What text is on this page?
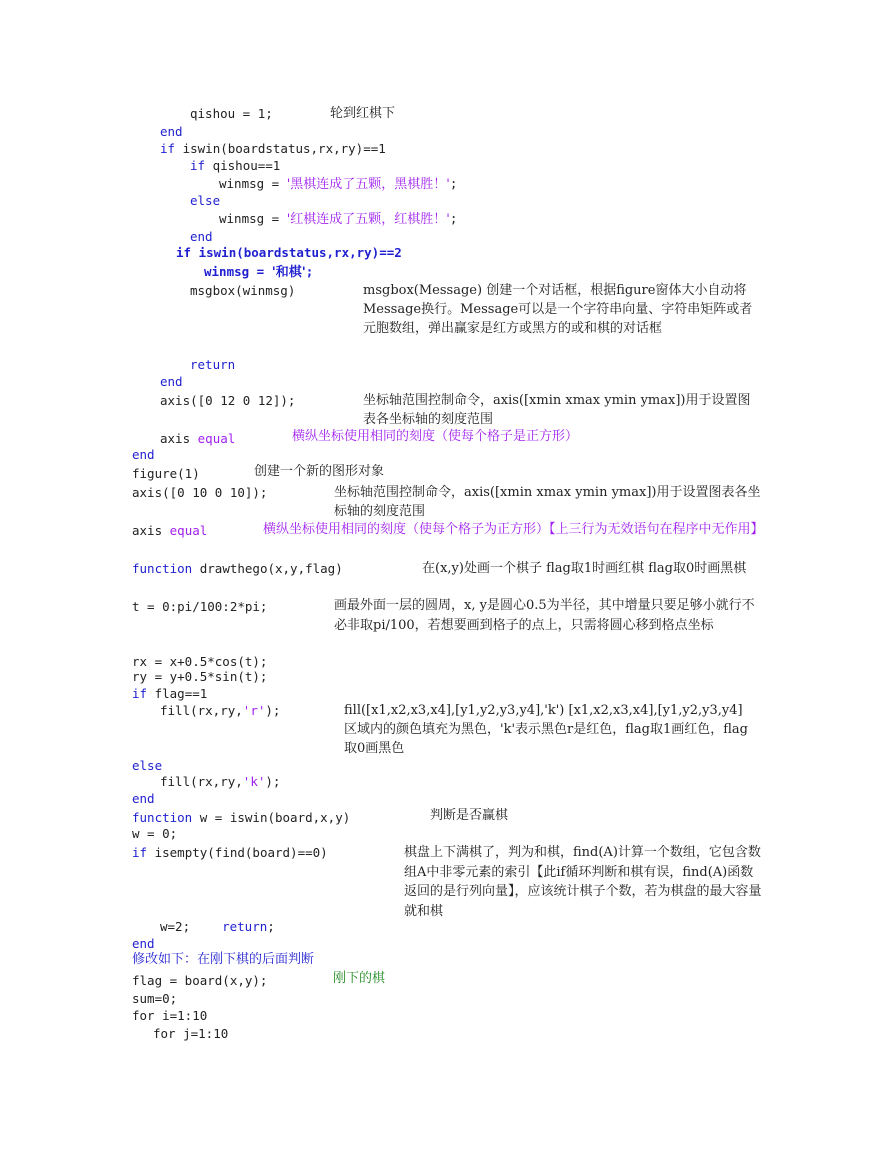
qishou = 1;	轮到红棋下
end
if iswin(boardstatus,rx,ry)==1
if qishou==1
winmsg = '黑棋连成了五颗，黑棋胜！';
else
winmsg = '红棋连成了五颗，红棋胜！';
end
if iswin(boardstatus,rx,ry)==2
winmsg = '和棋';
msgbox(winmsg)	msgbox(Message) 创建一个对话框，根据figure窗体大小自动将Message换行。Message可以是一个字符串向量、字符串矩阵或者元胞数组，弹出赢家是红方或黑方的或和棋的对话框
return
end
axis([0 12 0 12]);	坐标轴范围控制命令，axis([xmin xmax ymin ymax])用于设置图表各坐标轴的刻度范围
axis equal	横纵坐标使用相同的刻度（使每个格子是正方形）
end
figure(1)	创建一个新的图形对象
axis([0 10 0 10]);	坐标轴范围控制命令，axis([xmin xmax ymin ymax])用于设置图表各坐标轴的刻度范围
axis equal	横纵坐标使用相同的刻度（使每个格子为正方形）【上三行为无效语句在程序中无作用】
function drawthego(x,y,flag)	在(x,y)处画一个棋子 flag取1时画红棋 flag取0时画黑棋
t = 0:pi/100:2*pi;	画最外面一层的圆周，x, y是圆心0.5为半径，其中增量只要足够小就行不必非取pi/100，若想要画到格子的点上，只需将圆心移到格点坐标
rx = x+0.5*cos(t);
ry = y+0.5*sin(t);
if flag==1
fill(rx,ry,'r');	fill([x1,x2,x3,x4],[y1,y2,y3,y4],'k') [x1,x2,x3,x4],[y1,y2,y3,y4]区域内的颜色填充为黑色，'k'表示黑色r是红色，flag取1画红色，flag取0画黑色
else
fill(rx,ry,'k');
end
function w = iswin(board,x,y)	判断是否赢棋
w = 0;
if isempty(find(board)==0)	棋盘上下满棋了，判为和棋，find(A)计算一个数组，它包含数组A中非零元素的索引【此if循环判断和棋有误，find(A)函数返回的是行列向量】，应该统计棋子个数，若为棋盘的最大容量就和棋
w=2;	return;
end
修改如下：在刚下棋的后面判断
flag = board(x,y);	刚下的棋
sum=0;
for i=1:10
for j=1:10
